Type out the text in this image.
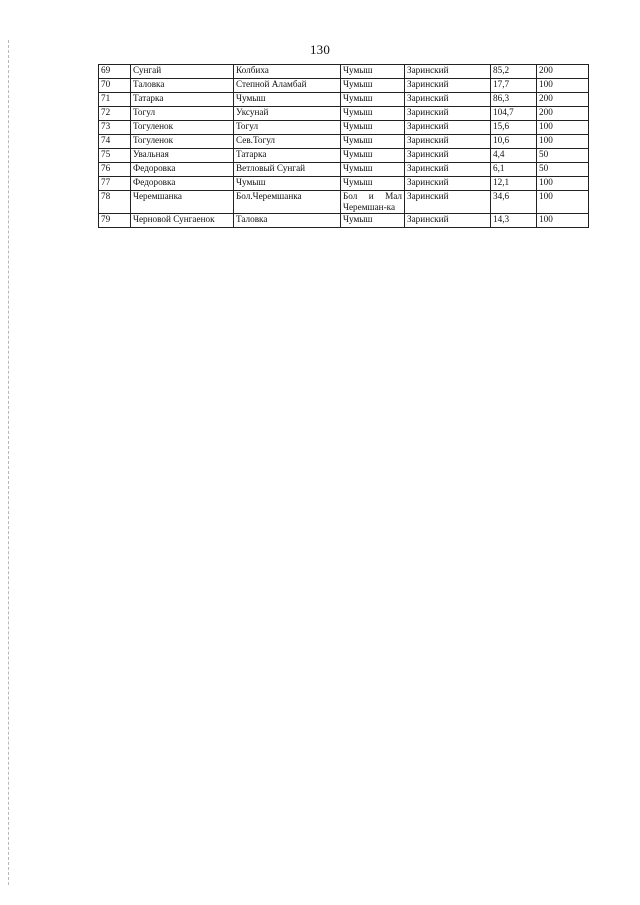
130
69	Сунгай	Колбиха	Чумыш	Заринский	85,2	200
70	Таловка	Степной Аламбай	Чумыш	Заринский	17,7	100
71	Татарка	Чумыш	Чумыш	Заринский	86,3	200
72	Тогул	Уксунай	Чумыш	Заринский	104,7	200
73	Тогуленок	Тогул	Чумыш	Заринский	15,6	100
74	Тогуленок	Сев.Тогул	Чумыш	Заринский	10,6	100
75	Увальная	Татарка	Чумыш	Заринский	4,4	50
76	Федоровка	Ветловый Сунгай	Чумыш	Заринский	6,1	50
77	Федоровка	Чумыш	Чумыш	Заринский	12,1	100
78	Черемшанка	Бол.Черемшанка	Бол и Мал Черемшан-ка	Заринский	34,6	100
79	Черновой Сунгаенок	Таловка	Чумыш	Заринский	14,3	100
